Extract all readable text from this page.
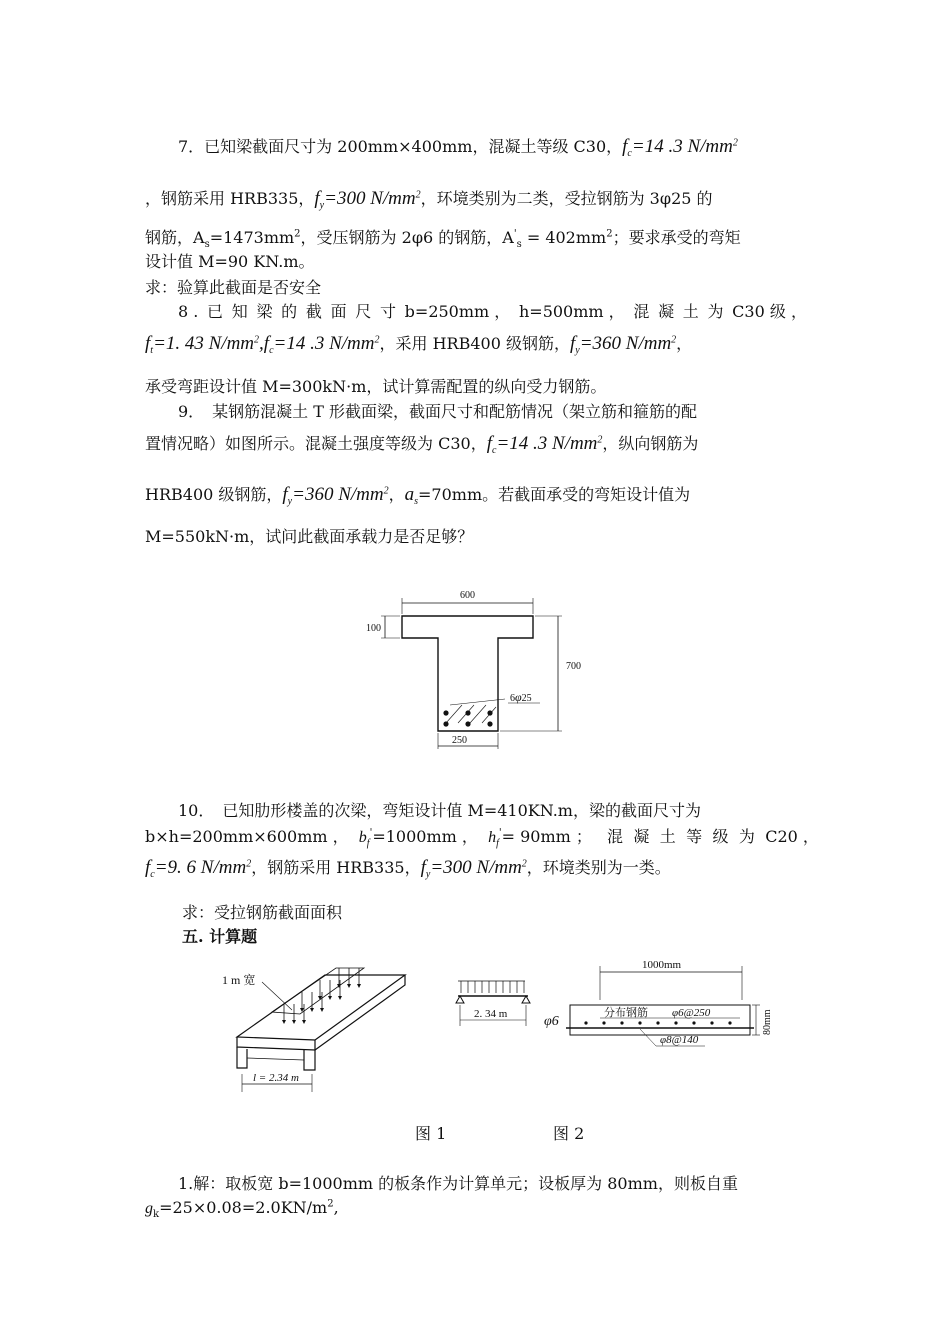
7．已知梁截面尺寸为 200mm×400mm，混凝土等级 C30，$f_c=14$ .3 $N/mm^2$
，钢筋采用 HRB335，$f_y=300$ $N/mm^2$，环境类别为二类，受拉钢筋为 3φ25 的
钢筋，$A_s=1473mm^2$，受压钢筋为 2φ6 的钢筋，$A'_s = 402mm^2$；要求承受的弯矩
设计值 M=90 KN.m。
求：验算此截面是否安全
8 . 已 知 梁 的 截 面 尺 寸 b=250mm ， h=500mm ， 混 凝 土 为 C30 级 ，
$f_t=1$. 43 $N/mm^2,f_c=14$ .3 $N/mm^2$，采用 HRB400 级钢筋，$f_y=360$ $N/mm^2$，
承受弯距设计值 M=300kN·m，试计算需配置的纵向受力钢筋。
9．　某钢筋混凝土 T 形截面梁，截面尺寸和配筋情况（架立筋和箍筋的配
置情况略）如图所示。混凝土强度等级为 C30，$f_c=14$ .3 $N/mm^2$，纵向钢筋为
HRB400 级钢筋，$f_y=360$ $N/mm^2$，$a_s=70mm$。若截面承受的弯矩设计值为
M=550kN·m，试问此截面承载力是否足够？
600
100
700
6φ25
250
10．　已知肋形楼盖的次梁，弯矩设计值 M=410KN.m，梁的截面尺寸为
b×h=200mm×600mm ， $b_f'=1000mm$ ， $h_f'= 90mm$ ； 混 凝 土 等 级 为 C20 ，
$f_c=9$. 6 $N/mm^2$，钢筋采用 HRB335，$f_y=300$ $N/mm^2$，环境类别为一类。
求：受拉钢筋截面面积
五. 计算题
1 m 宽
l = 2.34 m
2. 34 m
1000mm
φ6
分布钢筋 φ6@250
φ8@140
80mm
图 1	图 2
1.解：取板宽 b=1000mm 的板条作为计算单元；设板厚为 80mm，则板自重
$g_k=25\times 0.08=2.0KN/m^2$,
